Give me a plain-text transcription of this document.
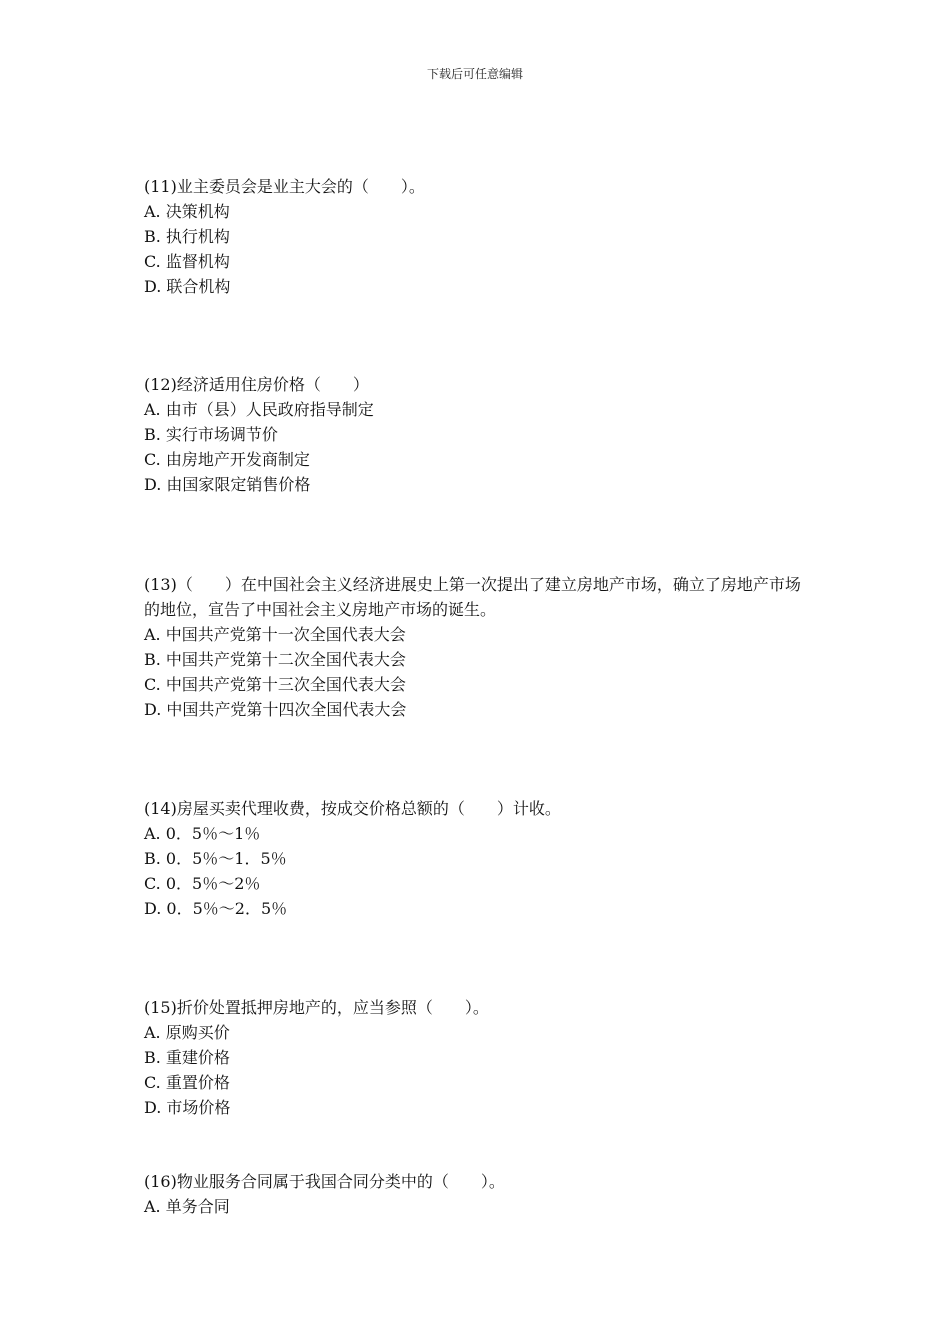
下载后可任意编辑
(11)业主委员会是业主大会的（　　）。
A. 决策机构
B. 执行机构
C. 监督机构
D. 联合机构
(12)经济适用住房价格（　　）
A. 由市（县）人民政府指导制定
B. 实行市场调节价
C. 由房地产开发商制定
D. 由国家限定销售价格
(13)（　　）在中国社会主义经济进展史上第一次提出了建立房地产市场，确立了房地产市场的地位，宣告了中国社会主义房地产市场的诞生。
A. 中国共产党第十一次全国代表大会
B. 中国共产党第十二次全国代表大会
C. 中国共产党第十三次全国代表大会
D. 中国共产党第十四次全国代表大会
(14)房屋买卖代理收费，按成交价格总额的（　　）计收。
A. 0．5％～1％
B. 0．5％～1．5％
C. 0．5％～2％
D. 0．5％～2．5％
(15)折价处置抵押房地产的，应当参照（　　）。
A. 原购买价
B. 重建价格
C. 重置价格
D. 市场价格
(16)物业服务合同属于我国合同分类中的（　　）。
A. 单务合同
